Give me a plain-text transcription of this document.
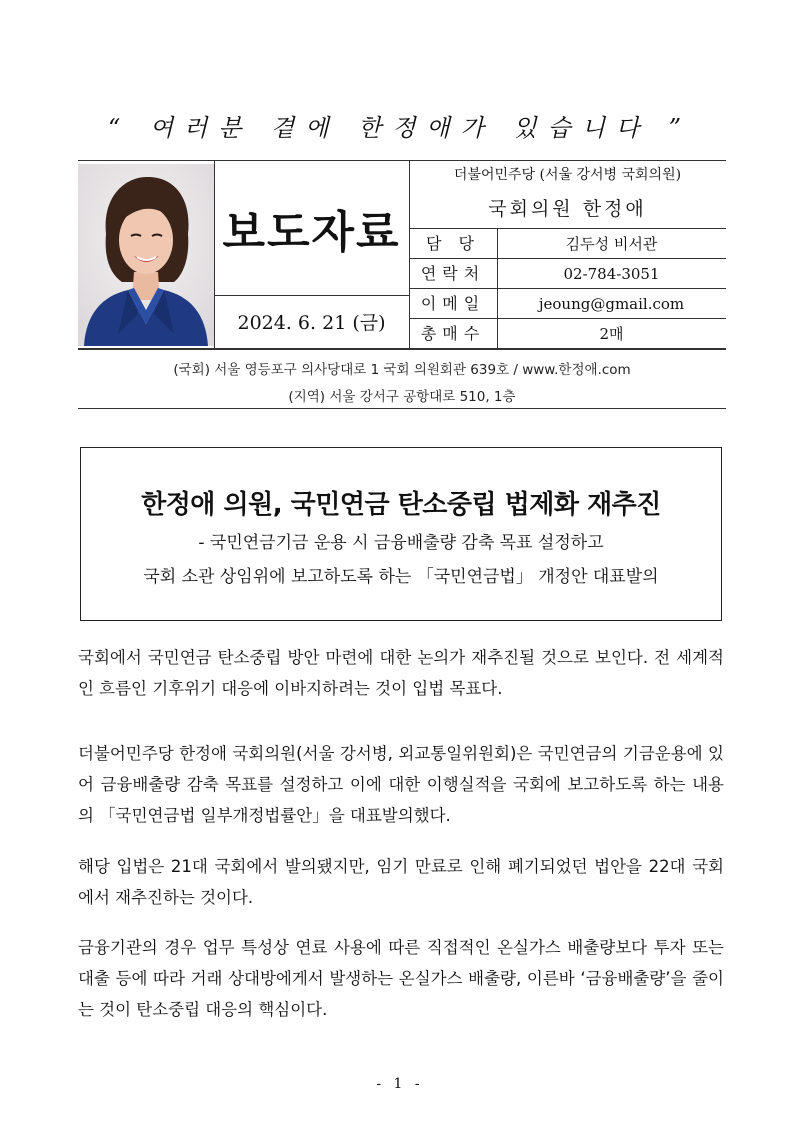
“ 여러분 곁에 한정애가 있습니다 ”
보도자료
2024. 6. 21 (금)
더불어민주당 (서울 강서병 국회의원)
국회의원 한정애
담 당	김두성 비서관
연락처	02-784-3051
이메일	jeoung@gmail.com
총매수	2매
(국회) 서울 영등포구 의사당대로 1 국회 의원회관 639호 / www.한정애.com
(지역) 서울 강서구 공항대로 510, 1층
한정애 의원, 국민연금 탄소중립 법제화 재추진
- 국민연금기금 운용 시 금융배출량 감축 목표 설정하고
국회 소관 상임위에 보고하도록 하는 「국민연금법」 개정안 대표발의

국회에서 국민연금 탄소중립 방안 마련에 대한 논의가 재추진될 것으로 보인다. 전 세계적인 흐름인 기후위기 대응에 이바지하려는 것이 입법 목표다.

더불어민주당 한정애 국회의원(서울 강서병, 외교통일위원회)은 국민연금의 기금운용에 있어 금융배출량 감축 목표를 설정하고 이에 대한 이행실적을 국회에 보고하도록 하는 내용의 「국민연금법 일부개정법률안」을 대표발의했다.

해당 입법은 21대 국회에서 발의됐지만, 임기 만료로 인해 폐기되었던 법안을 22대 국회에서 재추진하는 것이다.

금융기관의 경우 업무 특성상 연료 사용에 따른 직접적인 온실가스 배출량보다 투자 또는 대출 등에 따라 거래 상대방에게서 발생하는 온실가스 배출량, 이른바 ‘금융배출량’을 줄이는 것이 탄소중립 대응의 핵심이다.

- 1 -
